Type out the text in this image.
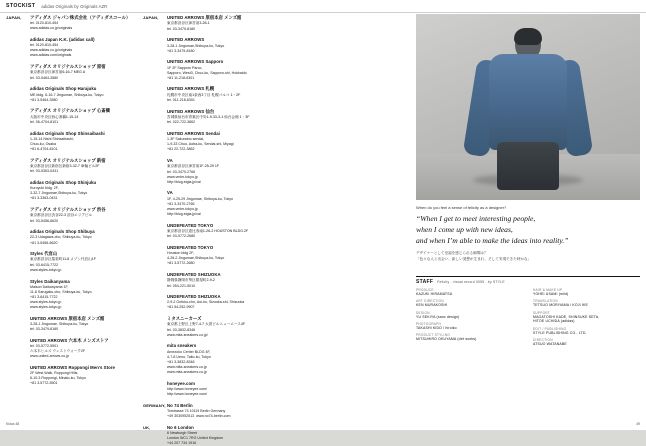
STOCKIST adidas Originals by Originals AZR
JAPAN,	アディダス ジャパン株式会社（アディダスコール）

tel. 0120-810-454
www.adidas.co.jp/originals

adidas Japan K.K. (adidas call)

tel. 0120-810-454
www.adidas.co.jp/originals
www.adidas.com/originals

アディダス オリジナルスショップ 原宿

東京都渋谷区神宮前6-16-7 MEG A

tel. 03-5464-3580

adidas Originals Shop Harajuku

ME bldg. 6-16-7 Jingumae, Shibuya-ku, Tokyo
+81 3-5464-3580

アディダス オリジナルスショップ 心斎橋

大阪市中央区西心斎橋1-15-14

tel. 06-4704-8101

adidas Originals Shop Shinsaibashi

1-15-14 Nishi Shinsaibashi,
Chuo-ku, Osaka
+81 6-4704-8101

アディダス オリジナルスショップ 新宿

東京都渋谷区新宿区新宿3-32-7 車輪ビル2F

tel. 03-5363-0431

adidas Originals Shop Shinjuku

Kuroyuki bldg. 2F,
3-32-7 Jingumae,Shibuya-ku, Tokyo
+81 3-3363-0431

アディダス オリジナルスショップ 渋谷

東京都渋谷区渋谷22-3 渋谷エリアビル

tel. 03-5456-6620

adidas Originals Shop Shibuya

22-3 Udagawa-cho, Shibuya-ku, Tokyo
+81 3-5456-6620

Styles 代官山

東京都渋谷区猿楽町11-8 メゾン代官山1F

tel. 03-6415-7722
www.styles-tokyo.jp

Styles Daikanyama

Maison Daikanyama 1F,
11-8 Sarugaku-cho, Shibuya-ku, Tokyo
+81 3-6415-7722
www.styles-tokyo.jp
www.styles-tokyo.jp

UNITED ARROWS 原宿本店 メンズ館

3-28-1 Jingumae, Shibuya-ku, Tokyo
tel. 03-3479-8180

UNITED ARROWS 六本木 メンズストア

tel. 03-5772-5501
六本木ヒルズ ウェストウォーク2F
www.united-arrows.co.jp

UNITED ARROWS Roppongi Men's Store

2F West Walk, Roppongi Hills,
6-10-3 Roppongi, Minato-ku, Tokyo
+81 3-5772-5501

JAPAN,	UNITED ARROWS 原宿本店 メンズ館

東京都渋谷区神宮前3-28-1

tel. 03-3479-8180

UNITED ARROWS

3-28-1 Jingumae,Shibuya-ku, Tokyo
+81 3-3479-8180

UNITED ARROWS Sapporo

1F 2F Sapporo Parco,
Sapporo, West3, Chuo-ku, Sapporo-shi, Hokkaido
+81 11-218-6301

UNITED ARROWS 札幌

札幌市中央区南1条西3丁目 札幌パルコ 1・2F

tel. 011-218-6301

UNITED ARROWS 仙台

宮城県仙台市青葉区中央1-9-33-3-1 仙台会館 1・3F

tel. 022-722-3862

UNITED ARROWS Sendai

1-3F Sakuraino sendai,
1-9-33 Chuo, Aoba-ku, Sendai-shi, Miyagi
+81 22-722-3862

VA

東京都渋谷区神宮前1F-25-29 1F

tel. 03-3470-2766
www.vmlm-tokyo.jp
http://blog.stgia.jp/va/

VA

1F, 4-25-29 Jingumae, Shibuya-ku, Tokyo
+81 3-3470-2766
www.vmlm-tokyo.jp
http://blog.stgia.jp/va/

UNDEFEATED TOKYO

東京都渋谷区恵比寿南1-26-2 HOUSTON BLDG.2F

tel. 03-5772-2680

UNDEFEATED TOKYO

Houston bldg 2F,
4-26-2 Jingumae,Shibuya-ku, Tokyo
+81 3-5772-2680

UNDEFEATED SHIZUOKA

静岡県静岡市葵区紺屋町2-9-2

tel. 054-221-5010

UNDEFEATED SHIZUOKA

2-9-2 Gofuku-cho, Aoi-ku, Sizuoka-shi, Shizuoka
+81 54-252-9907

ミタスニーカーズ

東京都上野区上野7-4-7 大曽ビルニューエース4F

tel. 03-3832-8346
www.mita-sneakers.co.jp/

mita sneakers

Amezoko Center BLDG 4F,
4-7-8 Ueno, Taito-ku, Tokyo
+81 3-3832-8346
www.mita-sneakers.co.jp
www.mita-sneakers.co.jp

honeyee.com

http://www.honeyee.com/
http://www.honeyee.com/

GERMANY, No 74 Berlin

Torstrasse 74 10119 Berlin Germany
+49 3030952513  www.no74-berlin.com

UK,	No 6 London

6 Newburgh Street
London WC1 7RG United Kingdom
+44 207 734 1916

When do you feel a sense of felicity as a designer?

“When I get to meet interesting people,
when I come up with new ideas,
and when I’m able to make the ideas into reality.”

デザイナーとして至福を感じられる瞬間は？
「色々な人と出会い、新しい発想が生まれ、そして実現できた時かな」

STAFF Felicity - visual record 0055 - by STYLE
PRODUCE
KAZUKI HIRAMATSU
ART DIRECTION
KEN MURAKOSHI
DESIGN
YU SEKIYA (sanc design)
PHOTOGRAPH
TAKASHI KIDO / hiroiko
PRODUCT STYLING
MITSUHIRO OKUYAMA (dirt works)
HAIR & MAKE UP
YOHEI USAMI (mild)
TRANSLATION
TETSUO MORIYAMA / KOJI IKE
SUPPORT
MAGATOSHI KADE, SHINSUKE SETA,
HITOE UCHIDA (adidas)
EDIT / PUBLISHING
STYLE PUBLISHING CO., LTD.
DIRECTION
ATSUO WATANABE
Kidus 48	49
